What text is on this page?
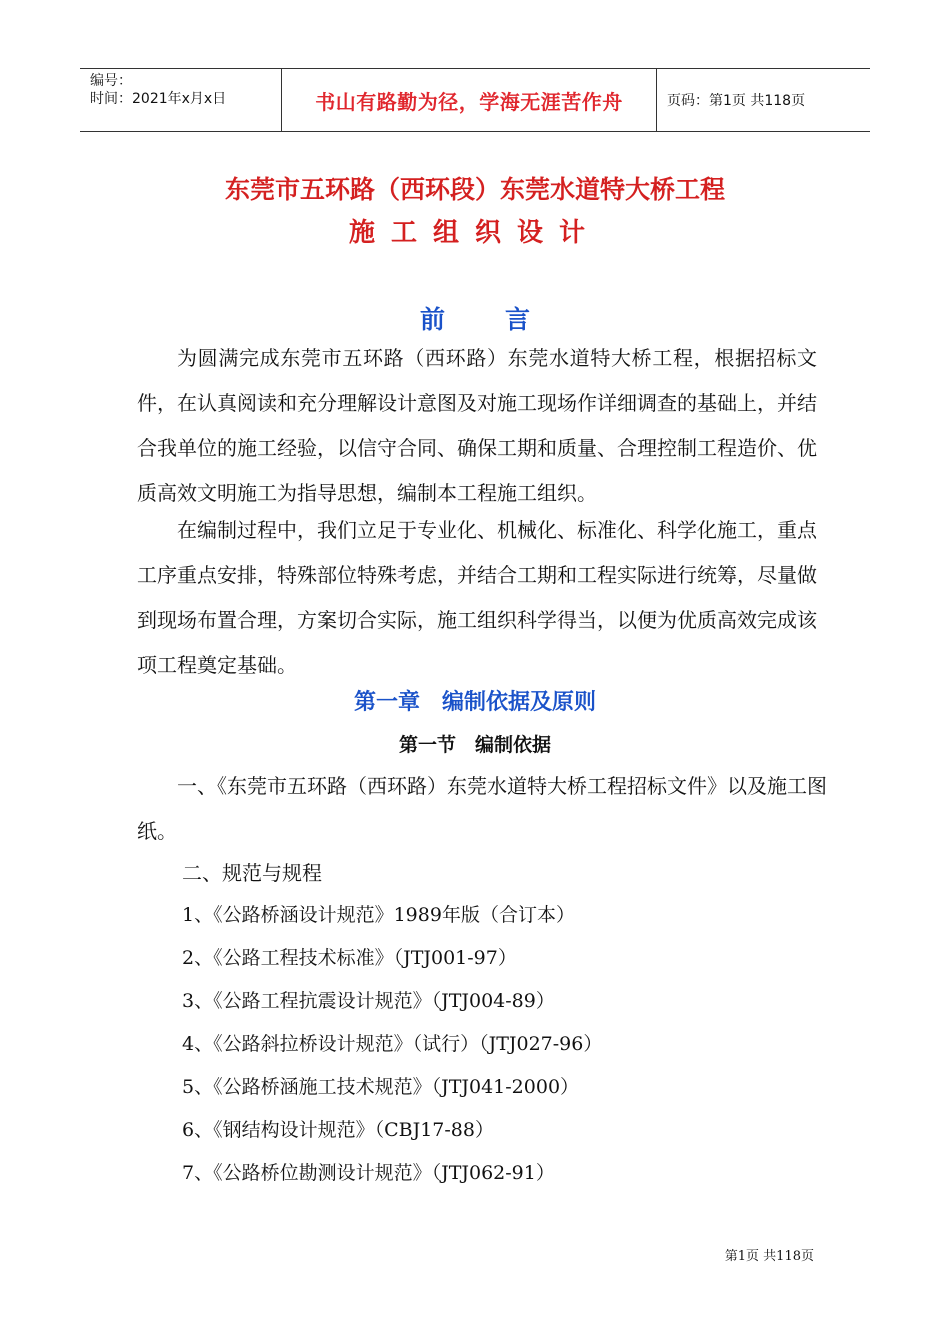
编号：
时间：2021年x月x日	书山有路勤为径，学海无涯苦作舟	页码：第1页 共118页
东莞市五环路（西环段）东莞水道特大桥工程
施工组织设计
前 言

为圆满完成东莞市五环路（西环路）东莞水道特大桥工程，根据招标文件，在认真阅读和充分理解设计意图及对施工现场作详细调查的基础上，并结合我单位的施工经验，以信守合同、确保工期和质量、合理控制工程造价、优质高效文明施工为指导思想，编制本工程施工组织。

在编制过程中，我们立足于专业化、机械化、标准化、科学化施工，重点工序重点安排，特殊部位特殊考虑，并结合工期和工程实际进行统筹，尽量做到现场布置合理，方案切合实际，施工组织科学得当，以便为优质高效完成该项工程奠定基础。

第一章　编制依据及原则
第一节　编制依据

一、《东莞市五环路（西环路）东莞水道特大桥工程招标文件》以及施工图纸。

二、规范与规程

1、《公路桥涵设计规范》1989年版（合订本）
2、《公路工程技术标准》（JTJ001-97）
3、《公路工程抗震设计规范》（JTJ004-89）
4、《公路斜拉桥设计规范》（试行）（JTJ027-96）
5、《公路桥涵施工技术规范》（JTJ041-2000）
6、《钢结构设计规范》（CBJ17-88）
7、《公路桥位勘测设计规范》（JTJ062-91）
第1页 共118页
